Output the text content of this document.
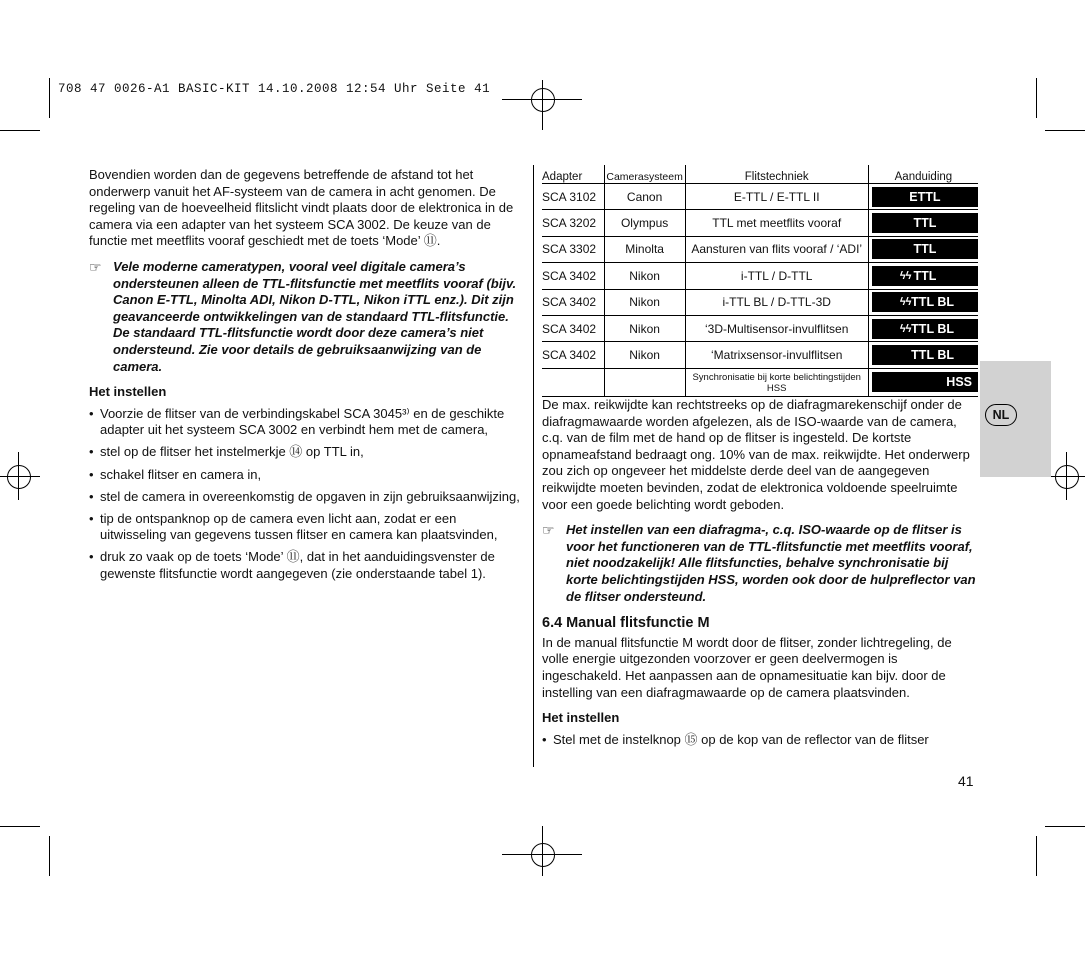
708 47 0026-A1 BASIC-KIT 14.10.2008 12:54 Uhr Seite 41

Bovendien worden dan de gegevens betreffende de afstand tot het onderwerp vanuit het AF-systeem van de camera in acht genomen. De regeling van de hoeveelheid flitslicht vindt plaats door de elektronica in de camera via een adapter van het systeem SCA 3002. De keuze van de functie met meetflits vooraf geschiedt met de toets ‘Mode’ ⑪.

☞ Vele moderne cameratypen, vooral veel digitale camera’s ondersteunen alleen de TTL-flitsfunctie met meetflits vooraf (bijv. Canon E-TTL, Minolta ADI, Nikon D-TTL, Nikon iTTL enz.). Dit zijn geavanceerde ontwikkelingen van de standaard TTL-flitsfunctie. De standaard TTL-flitsfunctie wordt door deze camera’s niet ondersteund. Zie voor details de gebruiksaanwijzing van de camera.
Het instellen
• Voorzie de flitser van de verbindingskabel SCA 3045³⁾ en de geschikte adapter uit het systeem SCA 3002 en verbindt hem met de camera,
• stel op de flitser het instelmerkje ⑭ op TTL in,
• schakel flitser en camera in,
• stel de camera in overeenkomstig de opgaven in zijn gebruiksaanwijzing,
• tip de ontspanknop op de camera even licht aan, zodat er een uitwisseling van gegevens tussen flitser en camera kan plaatsvinden,
• druk zo vaak op de toets ‘Mode’ ⑪, dat in het aanduidingsvenster de gewenste flitsfunctie wordt aangegeven (zie onderstaande tabel 1).
Adapter	Camerasysteem	Flitstechniek	Aanduiding
SCA 3102	Canon	E-TTL / E-TTL II	ETTL

SCA 3202	Olympus	TTL met meetflits vooraf	TTL

SCA 3302	Minolta	Aansturen van flits vooraf / ‘ADI’	TTL

SCA 3402	Nikon	i-TTL / D-TTL	ϟϟ TTL

SCA 3402	Nikon	i-TTL BL / D-TTL-3D	ϟϟ TTL BL

SCA 3402	Nikon	‘3D-Multisensor-invulflitsen	ϟϟ TTL BL

SCA 3402	Nikon	‘Matrixsensor-invulflitsen	TTL BL

		Synchronisatie bij korte belichtingstijden HSS	HSS

De max. reikwijdte kan rechtstreeks op de diafragmarekenschijf onder de diafragmawaarde worden afgelezen, als de ISO-waarde van de camera, c.q. van de film met de hand op de flitser is ingesteld. De kortste opnameafstand bedraagt ong. 10% van de max. reikwijdte. Het onderwerp zou zich op ongeveer het middelste derde deel van de aangegeven reikwijdte moeten bevinden, zodat de elektronica voldoende speelruimte voor een goede belichting wordt geboden.

☞ Het instellen van een diafragma-, c.q. ISO-waarde op de flitser is voor het functioneren van de TTL-flitsfunctie met meetflits vooraf, niet noodzakelijk! Alle flitsfuncties, behalve synchronisatie bij korte belichtingstijden HSS, worden ook door de hulpreflector van de flitser ondersteund.
6.4 Manual flitsfunctie M

In de manual flitsfunctie M wordt door de flitser, zonder lichtregeling, de volle energie uitgezonden voorzover er geen deelvermogen is ingeschakeld. Het aanpassen aan de opnamesituatie kan bijv. door de instelling van een diafragmawaarde op de camera plaatsvinden.

Het instellen
• Stel met de instelknop ⑮ op de kop van de reflector van de flitser
NL
41
